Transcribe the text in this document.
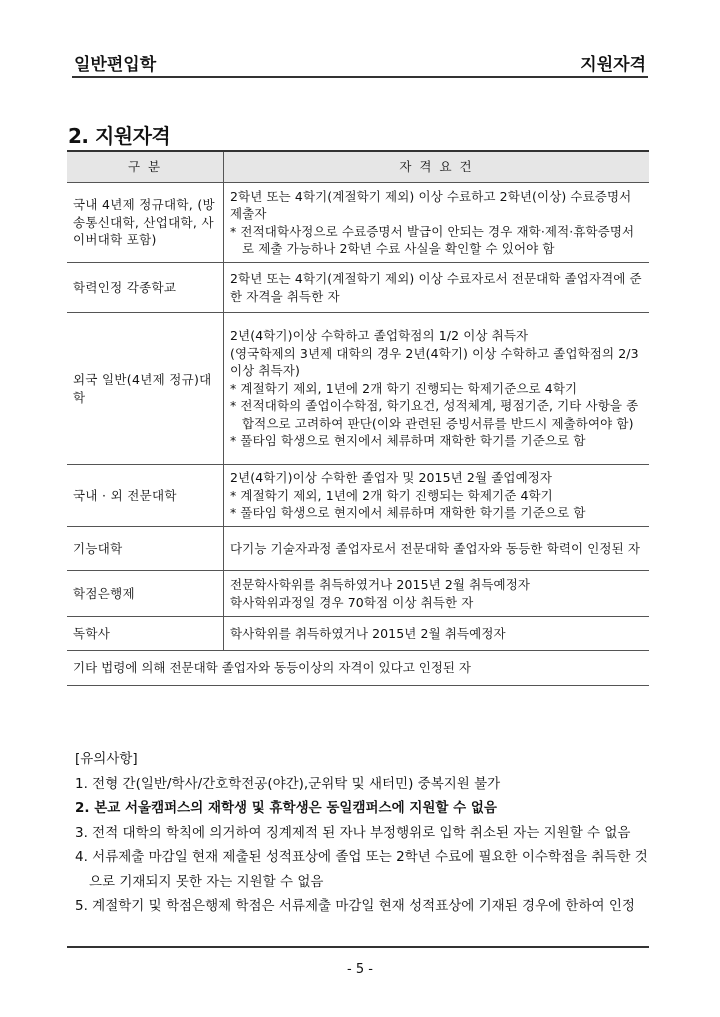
일반편입학	지원자격
2. 지원자격
구 분	자 격 요 건
국내 4년제 정규대학, (방송통신대학, 산업대학, 사이버대학 포함)	2학년 또는 4학기(계절학기 제외) 이상 수료하고 2학년(이상) 수료증명서 제출자
* 전적대학사정으로 수료증명서 발급이 안되는 경우 재학·제적·휴학증명서로 제출 가능하나 2학년 수료 사실을 확인할 수 있어야 함

학력인정 각종학교	2학년 또는 4학기(계절학기 제외) 이상 수료자로서 전문대학 졸업자격에 준한 자격을 취득한 자

외국 일반(4년제 정규)대학	2년(4학기)이상 수학하고 졸업학점의 1/2 이상 취득자
(영국학제의 3년제 대학의 경우 2년(4학기) 이상 수학하고 졸업학점의 2/3 이상 취득자)
* 계절학기 제외, 1년에 2개 학기 진행되는 학제기준으로 4학기
* 전적대학의 졸업이수학점, 학기요건, 성적체계, 평점기준, 기타 사항을 종합적으로 고려하여 판단(이와 관련된 증빙서류를 반드시 제출하여야 함)
* 풀타임 학생으로 현지에서 체류하며 재학한 학기를 기준으로 함

국내 · 외 전문대학	2년(4학기)이상 수학한 졸업자 및 2015년 2월 졸업예정자
* 계절학기 제외, 1년에 2개 학기 진행되는 학제기준 4학기
* 풀타임 학생으로 현지에서 체류하며 재학한 학기를 기준으로 함

기능대학	다기능 기술자과정 졸업자로서 전문대학 졸업자와 동등한 학력이 인정된 자

학점은행제	전문학사학위를 취득하였거나 2015년 2월 취득예정자
학사학위과정일 경우 70학점 이상 취득한 자

독학사	학사학위를 취득하였거나 2015년 2월 취득예정자

기타 법령에 의해 전문대학 졸업자와 동등이상의 자격이 있다고 인정된 자	
[유의사항]
1. 전형 간(일반/학사/간호학전공(야간),군위탁 및 새터민) 중복지원 불가
2. 본교 서울캠퍼스의 재학생 및 휴학생은 동일캠퍼스에 지원할 수 없음
3. 전적 대학의 학칙에 의거하여 징계제적 된 자나 부정행위로 입학 취소된 자는 지원할 수 없음
4. 서류제출 마감일 현재 제출된 성적표상에 졸업 또는 2학년 수료에 필요한 이수학점을 취득한 것으로 기재되지 못한 자는 지원할 수 없음
5. 계절학기 및 학점은행제 학점은 서류제출 마감일 현재 성적표상에 기재된 경우에 한하여 인정
- 5 -
